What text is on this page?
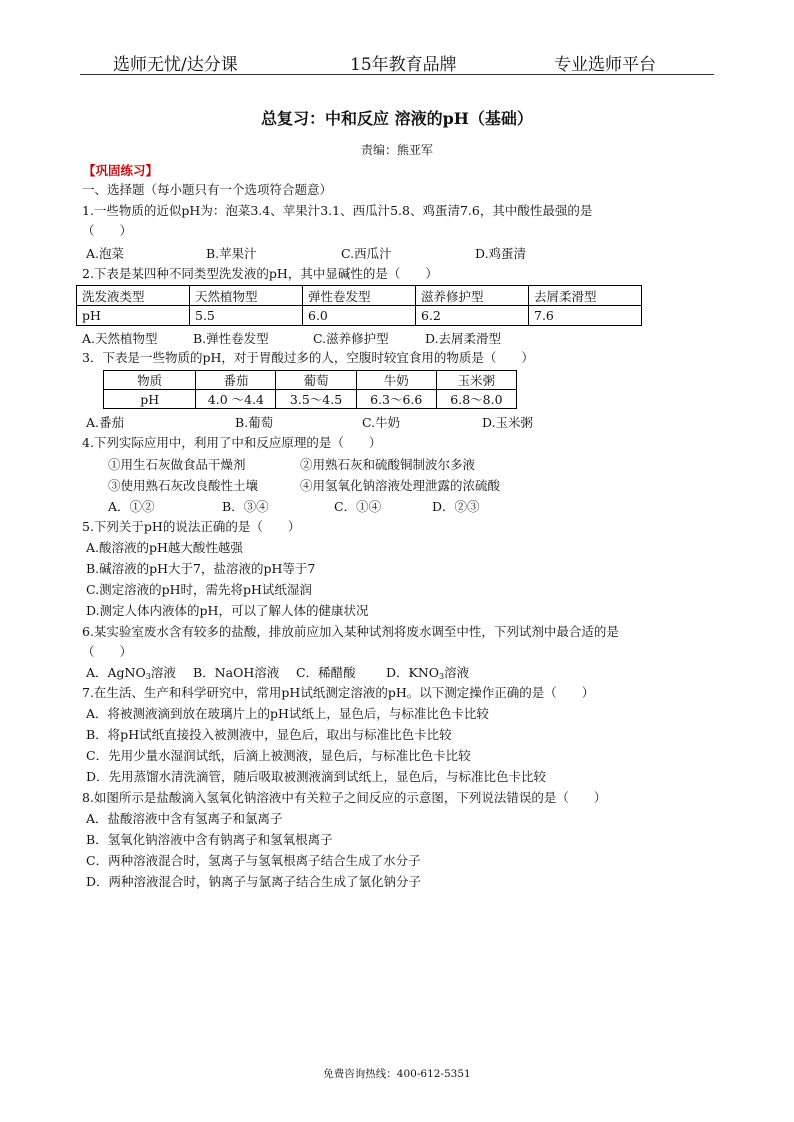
选师无忧/达分课	15年教育品牌	专业选师平台
总复习：中和反应 溶液的pH（基础）
责编：熊亚军
【巩固练习】
一、选择题（每小题只有一个选项符合题意）
1.一些物质的近似pH为：泡菜3.4、苹果汁3.1、西瓜汁5.8、鸡蛋清7.6，其中酸性最强的是
（　　）
A.泡菜	B.苹果汁	C.西瓜汁	D.鸡蛋清
2.下表是某四种不同类型洗发液的pH，其中显碱性的是（　　）
洗发液类型	天然植物型	弹性卷发型	滋养修护型	去屑柔滑型
pH	5.5	6.0	6.2	7.6
A.天然植物型	B.弹性卷发型	C.滋养修护型	D.去屑柔滑型
3．下表是一些物质的pH，对于胃酸过多的人，空腹时较宜食用的物质是（　　）
物质	番茄	葡萄	牛奶	玉米粥
pH	4.0 ～4.4	3.5～4.5	6.3～6.6	6.8～8.0
A.番茄	B.葡萄	C.牛奶	D.玉米粥
4.下列实际应用中，利用了中和反应原理的是（　　）
①用生石灰做食品干燥剂	②用熟石灰和硫酸铜制波尔多液
③使用熟石灰改良酸性土壤	④用氢氧化钠溶液处理泄露的浓硫酸
A．①②	B．③④	C．①④	D．②③
5.下列关于pH的说法正确的是（　　）
A.酸溶液的pH越大酸性越强
B.碱溶液的pH大于7，盐溶液的pH等于7
C.测定溶液的pH时，需先将pH试纸湿润
D.测定人体内液体的pH，可以了解人体的健康状况
6.某实验室废水含有较多的盐酸，排放前应加入某种试剂将废水调至中性，下列试剂中最合适的是
（　　）
A．AgNO$_3$溶液 B．NaOH溶液 C．稀醋酸 D．$KNO_3$溶液
7.在生活、生产和科学研究中，常用pH试纸测定溶液的pH。以下测定操作正确的是（　　）
A．将被测液滴到放在玻璃片上的pH试纸上，显色后，与标准比色卡比较
B．将pH试纸直接投入被测液中，显色后，取出与标准比色卡比较
C．先用少量水湿润试纸，后滴上被测液，显色后，与标准比色卡比较
D．先用蒸馏水清洗滴管，随后吸取被测液滴到试纸上，显色后，与标准比色卡比较
8.如图所示是盐酸滴入氢氧化钠溶液中有关粒子之间反应的示意图，下列说法错误的是（　　）
A．盐酸溶液中含有氢离子和氯离子
B．氢氧化钠溶液中含有钠离子和氢氧根离子
C．两种溶液混合时，氢离子与氢氧根离子结合生成了水分子
D．两种溶液混合时，钠离子与氯离子结合生成了氯化钠分子
免费咨询热线：400-612-5351
